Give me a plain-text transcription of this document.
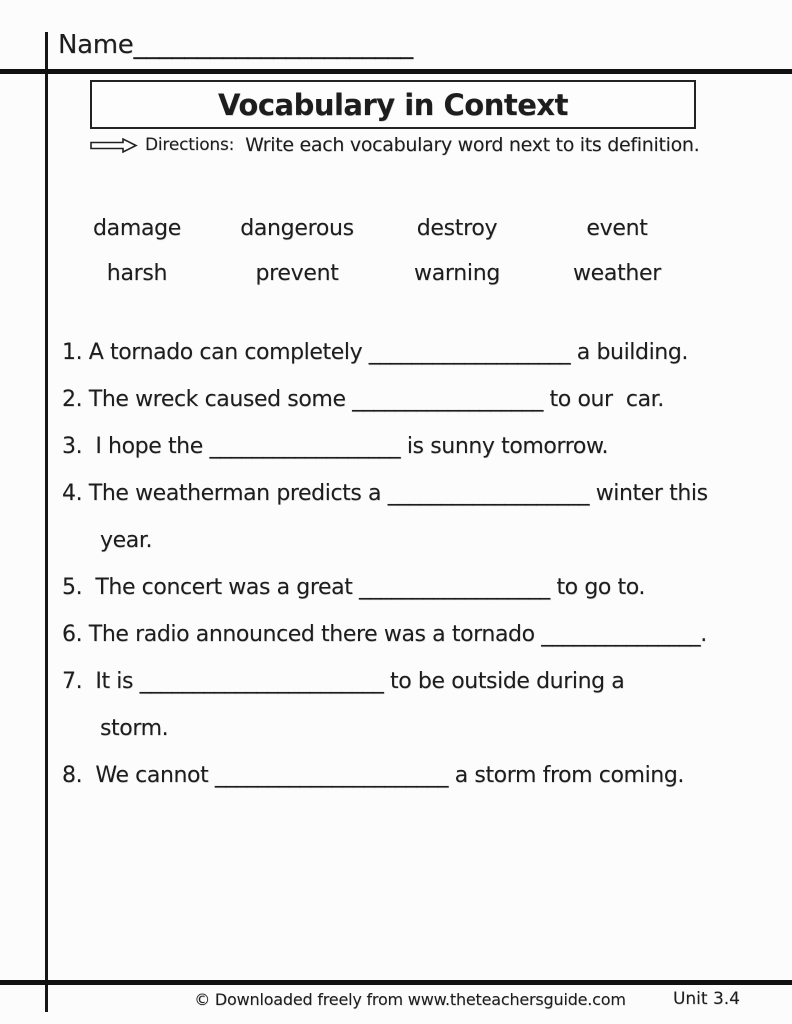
Name______________________
Vocabulary in Context
Directions: Write each vocabulary word next to its definition.
damage	dangerous	destroy	event
harsh	prevent	warning	weather
1. A tornado can completely ___________________ a building.
2. The wreck caused some __________________ to our  car.
3.  I hope the __________________ is sunny tomorrow.
4. The weatherman predicts a ___________________ winter this
year.
5.  The concert was a great __________________ to go to.
6. The radio announced there was a tornado _______________.
7.  It is _______________________ to be outside during a
storm.
8.  We cannot ______________________ a storm from coming.
© Downloaded freely from www.theteachersguide.com	Unit 3.4
